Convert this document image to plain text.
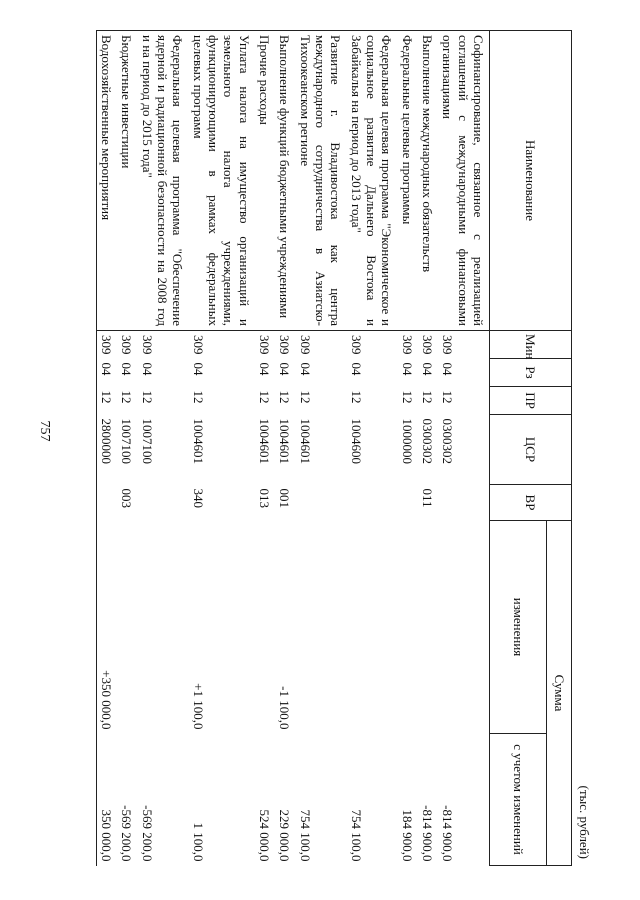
757
(тыс. рублей)
Наименование	Мин	Рз	ПР	ЦСР	ВР	Сумма	
						изменения	с учетом изменений
Софинансирование, связанное с реализацией соглашений с международными финансовыми организациями	309	04	12	0300302			-814 900,0
Выполнение международных обязательств	309	04	12	0300302	011		-814 900,0
Федеральные целевые программы	309	04	12	1000000			184 900,0
Федеральная целевая программа "Экономическое и социальное развитие Дальнего Востока и Забайкалья на период до 2013 года"	309	04	12	1004600			754 100,0
Развитие г. Владивостока как центра международного сотрудничества в Азиатско-Тихоокеанском регионе	309	04	12	1004601			754 100,0
Выполнение функций бюджетными учреждениями	309	04	12	1004601	001	-1 100,0	229 000,0
Прочие расходы	309	04	12	1004601	013		524 000,0
Уплата налога на имущество организаций и земельного налога учреждениями, функционирующими в рамках федеральных целевых программ	309	04	12	1004601	340	+1 100,0	1 100,0
Федеральная целевая программа "Обеспечение ядерной и радиационной безопасности на 2008 год и на период до 2015 года"	309	04	12	1007100			-569 200,0
Бюджетные инвестиции	309	04	12	1007100	003		-569 200,0
Водохозяйственные мероприятия	309	04	12	2800000		+350 000,0	350 000,0
